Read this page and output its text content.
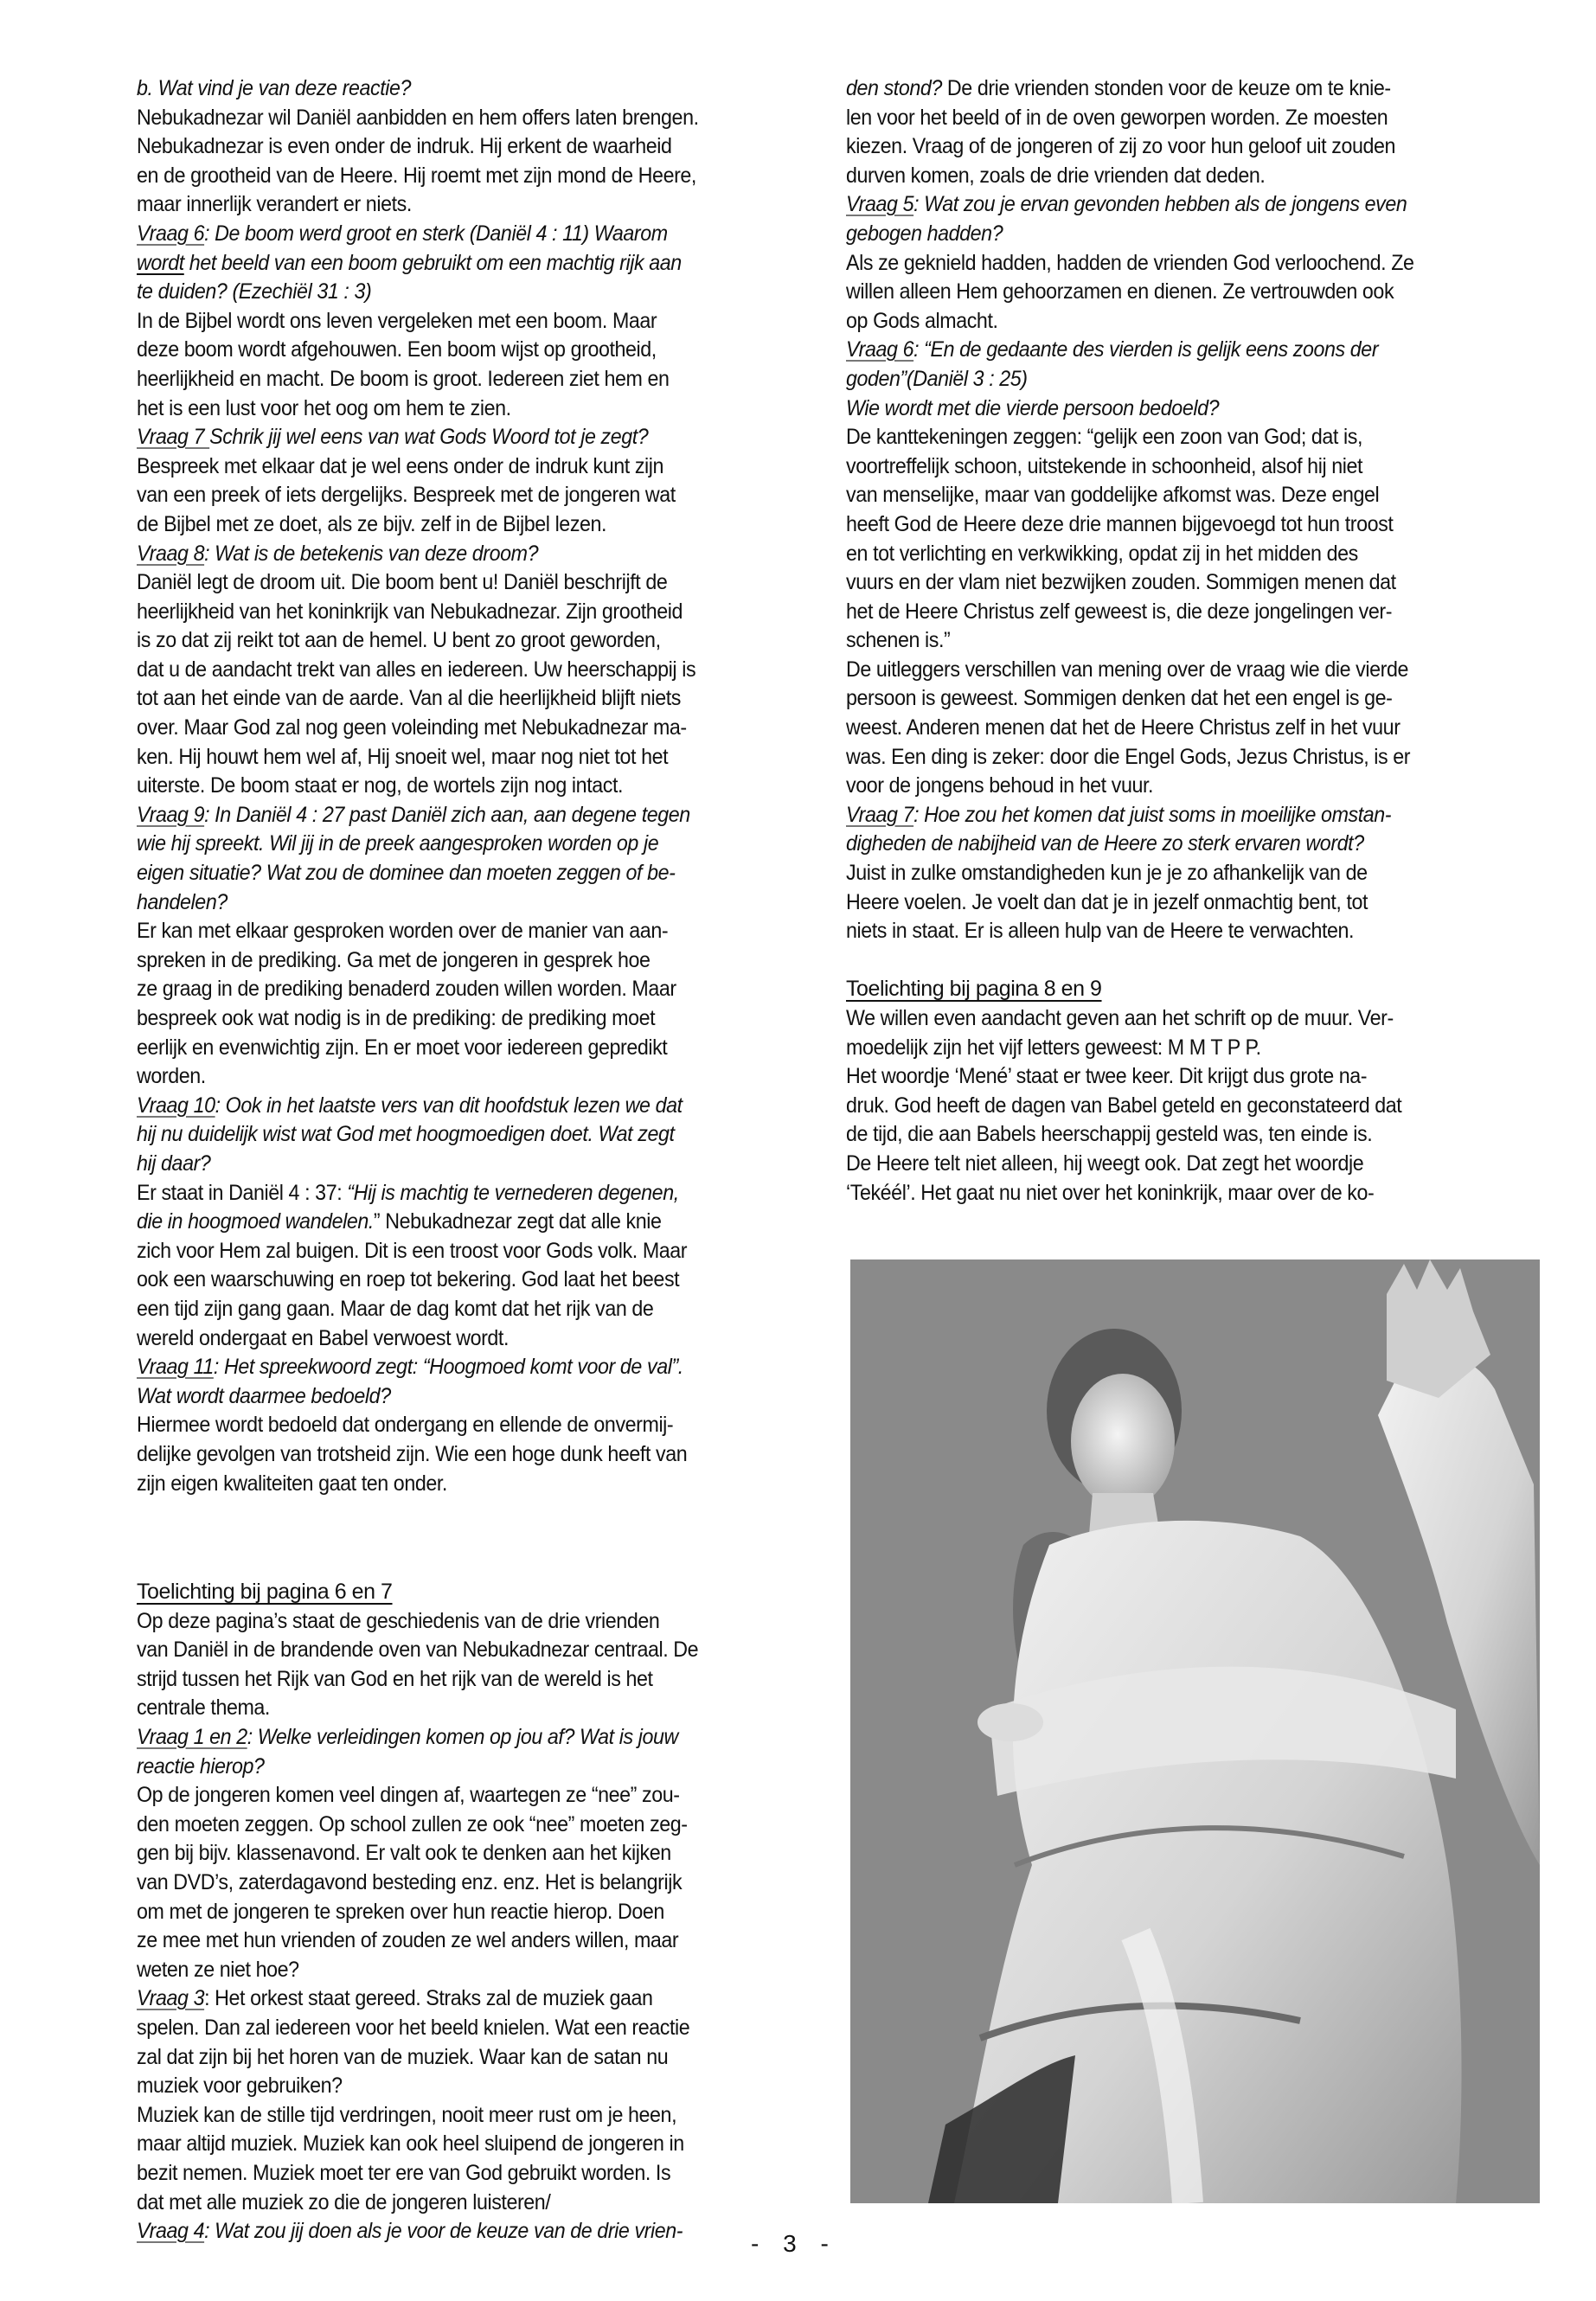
b. Wat vind je van deze reactie?
Nebukadnezar wil Daniël aanbidden en hem offers laten brengen.
Nebukadnezar is even onder de indruk. Hij erkent de waarheid
en de grootheid van de Heere. Hij roemt met zijn mond de Heere,
maar innerlijk verandert er niets.
Vraag 6: De boom werd groot en sterk (Daniël 4 : 11) Waarom
wordt het beeld van een boom gebruikt om een machtig rijk aan
te duiden? (Ezechiël 31 : 3)
In de Bijbel wordt ons leven vergeleken met een boom. Maar
deze boom wordt afgehouwen. Een boom wijst op grootheid,
heerlijkheid en macht. De boom is groot. Iedereen ziet hem en
het is een lust voor het oog om hem te zien.
Vraag 7 Schrik jij wel eens van wat Gods Woord tot je zegt?
Bespreek met elkaar dat je wel eens onder de indruk kunt zijn
van een preek of iets dergelijks. Bespreek met de jongeren wat
de Bijbel met ze doet, als ze bijv. zelf in de Bijbel lezen.
Vraag 8: Wat is de betekenis van deze droom?
Daniël legt de droom uit. Die boom bent u! Daniël beschrijft de
heerlijkheid van het koninkrijk van Nebukadnezar. Zijn grootheid
is zo dat zij reikt tot aan de hemel. U bent zo groot geworden,
dat u de aandacht trekt van alles en iedereen. Uw heerschappij is
tot aan het einde van de aarde. Van al die heerlijkheid blijft niets
over. Maar God zal nog geen voleinding met Nebukadnezar ma-
ken. Hij houwt hem wel af, Hij snoeit wel, maar nog niet tot het
uiterste. De boom staat er nog, de wortels zijn nog intact.
Vraag 9: In Daniël 4 : 27 past Daniël zich aan, aan degene tegen
wie hij spreekt. Wil jij in de preek aangesproken worden op je
eigen situatie? Wat zou de dominee dan moeten zeggen of be-
handelen?
Er kan met elkaar gesproken worden over de manier van aan-
spreken in de prediking. Ga met de jongeren in gesprek hoe
ze graag in de prediking benaderd zouden willen worden. Maar
bespreek ook wat nodig is in de prediking: de prediking moet
eerlijk en evenwichtig zijn. En er moet voor iedereen gepredikt
worden.
Vraag 10: Ook in het laatste vers van dit hoofdstuk lezen we dat
hij nu duidelijk wist wat God met hoogmoedigen doet. Wat zegt
hij daar?
Er staat in Daniël 4 : 37: “Hij is machtig te vernederen degenen,
die in hoogmoed wandelen.” Nebukadnezar zegt dat alle knie
zich voor Hem zal buigen. Dit is een troost voor Gods volk. Maar
ook een waarschuwing en roep tot bekering. God laat het beest
een tijd zijn gang gaan. Maar de dag komt dat het rijk van de
wereld ondergaat en Babel verwoest wordt.
Vraag 11: Het spreekwoord zegt: “Hoogmoed komt voor de val”.
Wat wordt daarmee bedoeld?
Hiermee wordt bedoeld dat ondergang en ellende de onvermij-
delijke gevolgen van trotsheid zijn. Wie een hoge dunk heeft van
zijn eigen kwaliteiten gaat ten onder.
Toelichting bij pagina 6 en 7
Op deze pagina’s staat de geschiedenis van de drie vrienden
van Daniël in de brandende oven van Nebukadnezar centraal. De
strijd tussen het Rijk van God en het rijk van de wereld is het
centrale thema.
Vraag 1 en 2: Welke verleidingen komen op jou af? Wat is jouw
reactie hierop?
Op de jongeren komen veel dingen af, waartegen ze “nee” zou-
den moeten zeggen. Op school zullen ze ook “nee” moeten zeg-
gen bij bijv. klassenavond. Er valt ook te denken aan het kijken
van DVD’s, zaterdagavond besteding enz. enz. Het is belangrijk
om met de jongeren te spreken over hun reactie hierop. Doen
ze mee met hun vrienden of zouden ze wel anders willen, maar
weten ze niet hoe?
Vraag 3: Het orkest staat gereed. Straks zal de muziek gaan
spelen. Dan zal iedereen voor het beeld knielen. Wat een reactie
zal dat zijn bij het horen van de muziek. Waar kan de satan nu
muziek voor gebruiken?
Muziek kan de stille tijd verdringen, nooit meer rust om je heen,
maar altijd muziek. Muziek kan ook heel sluipend de jongeren in
bezit nemen. Muziek moet ter ere van God gebruikt worden. Is
dat met alle muziek zo die de jongeren luisteren/
Vraag 4: Wat zou jij doen als je voor de keuze van de drie vrien-
den stond? De drie vrienden stonden voor de keuze om te knie-
len voor het beeld of in de oven geworpen worden. Ze moesten
kiezen. Vraag of de jongeren of zij zo voor hun geloof uit zouden
durven komen, zoals de drie vrienden dat deden.
Vraag 5: Wat zou je ervan gevonden hebben als de jongens even
gebogen hadden?
Als ze geknield hadden, hadden de vrienden God verloochend. Ze
willen alleen Hem gehoorzamen en dienen. Ze vertrouwden ook
op Gods almacht.
Vraag 6: “En de gedaante des vierden is gelijk eens zoons der
goden”(Daniël 3 : 25)
Wie wordt met die vierde persoon bedoeld?
De kanttekeningen zeggen: “gelijk een zoon van God; dat is,
voortreffelijk schoon, uitstekende in schoonheid, alsof hij niet
van menselijke, maar van goddelijke afkomst was. Deze engel
heeft God de Heere deze drie mannen bijgevoegd tot hun troost
en tot verlichting en verkwikking, opdat zij in het midden des
vuurs en der vlam niet bezwijken zouden. Sommigen menen dat
het de Heere Christus zelf geweest is, die deze jongelingen ver-
schenen is.”
De uitleggers verschillen van mening over de vraag wie die vierde
persoon is geweest. Sommigen denken dat het een engel is ge-
weest. Anderen menen dat het de Heere Christus zelf in het vuur
was. Een ding is zeker: door die Engel Gods, Jezus Christus, is er
voor de jongens behoud in het vuur.
Vraag 7: Hoe zou het komen dat juist soms in moeilijke omstan-
digheden de nabijheid van de Heere zo sterk ervaren wordt?
Juist in zulke omstandigheden kun je je zo afhankelijk van de
Heere voelen. Je voelt dan dat je in jezelf onmachtig bent, tot
niets in staat. Er is alleen hulp van de Heere te verwachten.
Toelichting bij pagina 8 en 9
We willen even aandacht geven aan het schrift op de muur. Ver-
moedelijk zijn het vijf letters geweest: M M T P P.
Het woordje ‘Mené’ staat er twee keer. Dit krijgt dus grote na-
druk. God heeft de dagen van Babel geteld en geconstateerd dat
de tijd, die aan Babels heerschappij gesteld was, ten einde is.
De Heere telt niet alleen, hij weegt ook. Dat zegt het woordje
‘Tekéél’. Het gaat nu niet over het koninkrijk, maar over de ko-
- 3 -
